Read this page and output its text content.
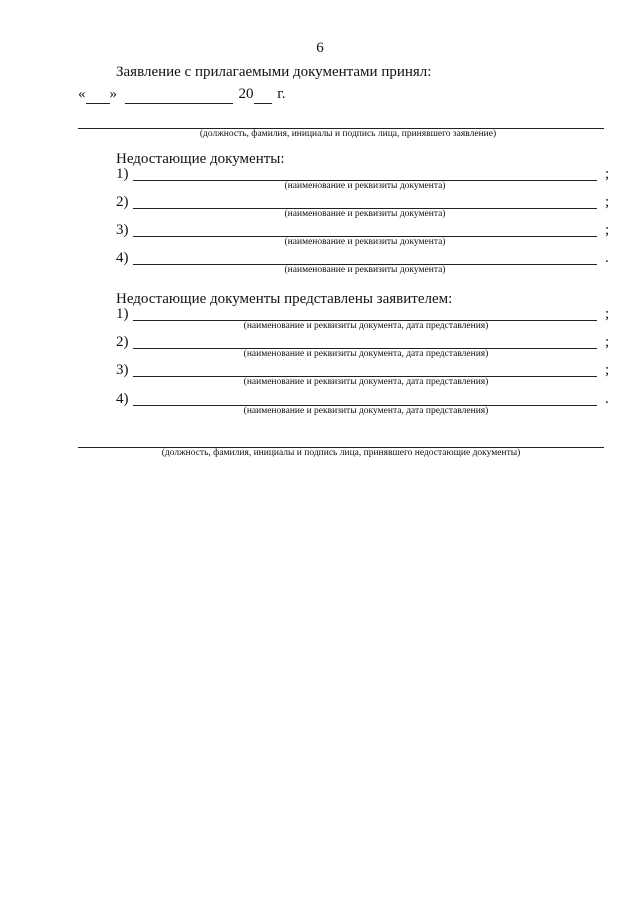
6
Заявление с прилагаемыми документами принял:
« »	20 г.
(должность, фамилия, инициалы и подпись лица, принявшего заявление)
Недостающие документы:
1)	;
(наименование и реквизиты документа)
2)	;
(наименование и реквизиты документа)
3)	;
(наименование и реквизиты документа)
4)	.
(наименование и реквизиты документа)
Недостающие документы представлены заявителем:
1)	;
(наименование и реквизиты документа, дата представления)
2)	;
(наименование и реквизиты документа, дата представления)
3)	;
(наименование и реквизиты документа, дата представления)
4)	.
(наименование и реквизиты документа, дата представления)
(должность, фамилия, инициалы и подпись лица, принявшего недостающие документы)
